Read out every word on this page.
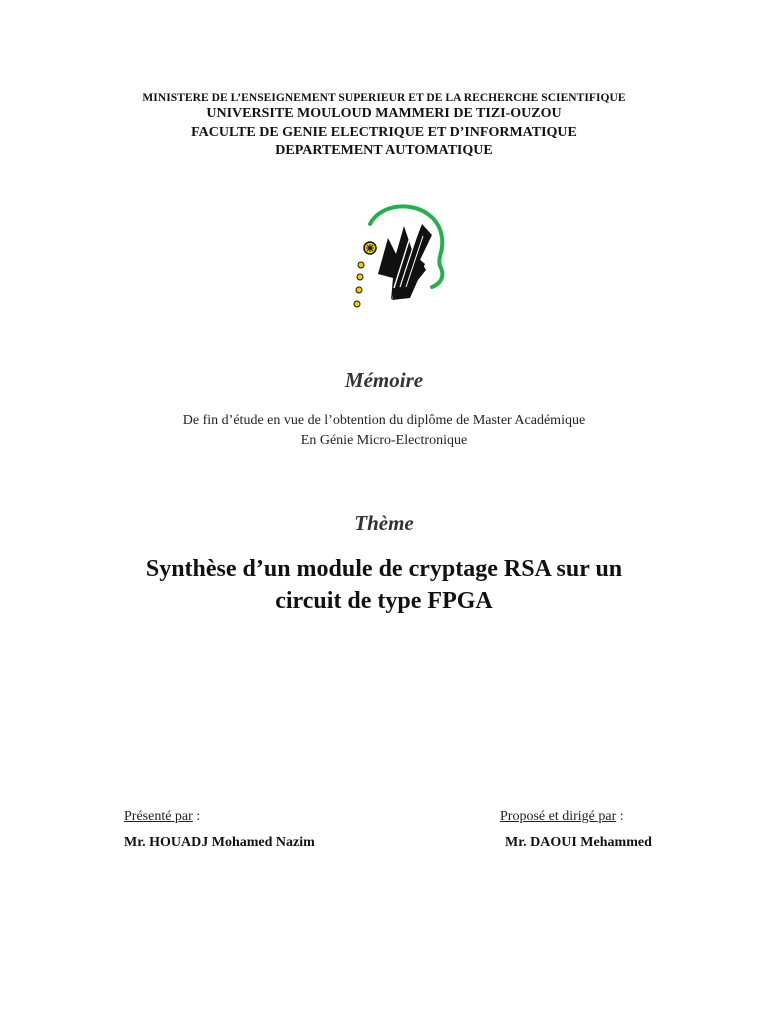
MINISTERE DE L’ENSEIGNEMENT SUPERIEUR ET DE LA RECHERCHE SCIENTIFIQUE
UNIVERSITE MOULOUD MAMMERI DE TIZI-OUZOU
FACULTE DE GENIE ELECTRIQUE ET D’INFORMATIQUE
DEPARTEMENT AUTOMATIQUE
Mémoire
De fin d’étude en vue de l’obtention du diplôme de Master Académique
En Génie Micro-Electronique
Thème
Synthèse d’un module de cryptage RSA sur un
circuit de type FPGA
Présenté par :	Proposé et dirigé par :
Mr. HOUADJ Mohamed Nazim	Mr. DAOUI Mehammed
